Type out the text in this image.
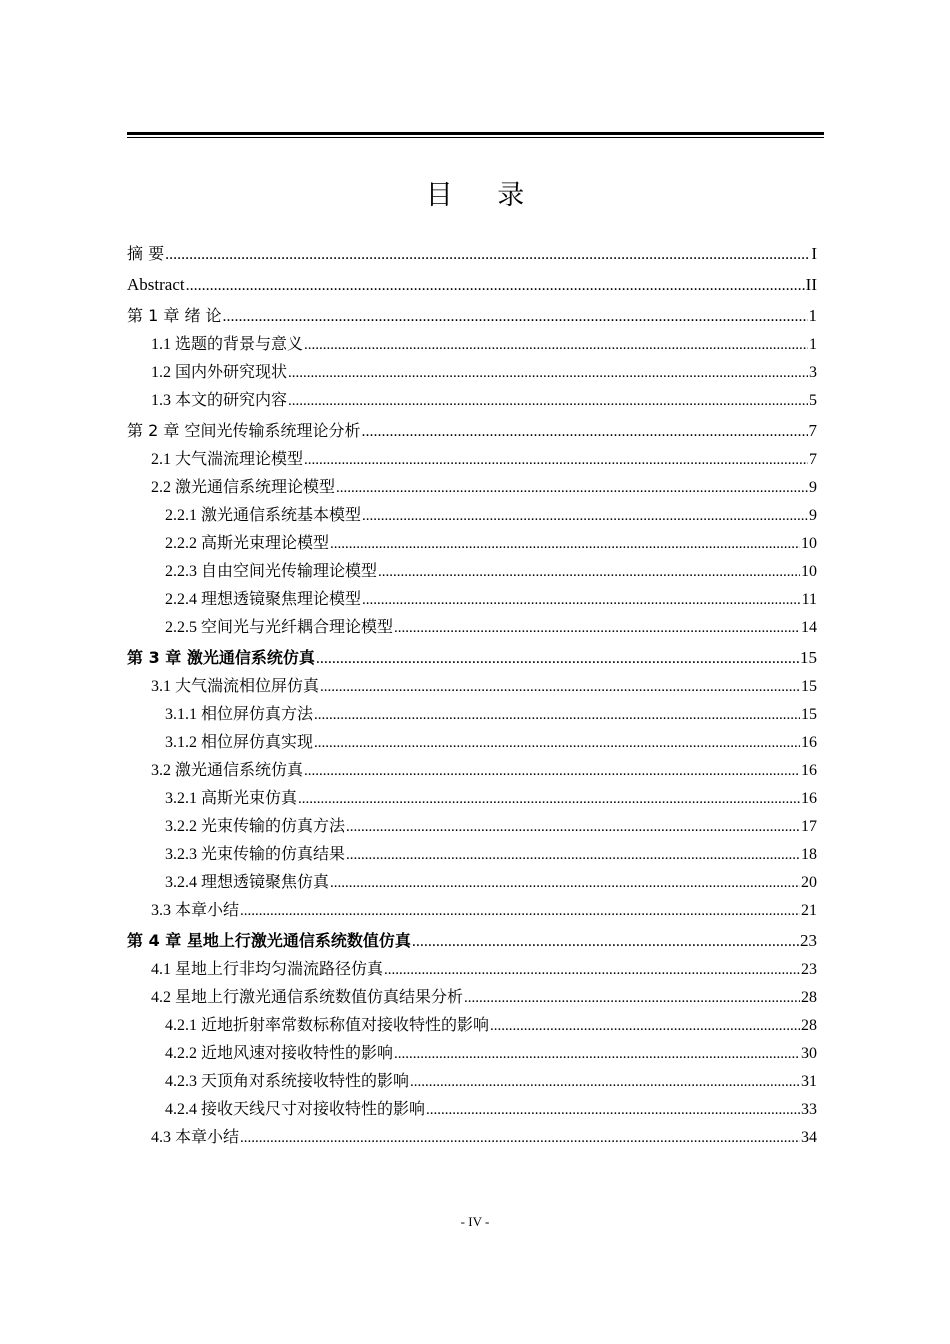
目 录
摘 要 .....	I
Abstract .....	II
第 1 章 绪 论 .....	1
1.1 选题的背景与意义 .....	1
1.2 国内外研究现状 .....	3
1.3 本文的研究内容 .....	5
第 2 章 空间光传输系统理论分析 .....	7
2.1 大气湍流理论模型 .....	7
2.2 激光通信系统理论模型 .....	9
2.2.1 激光通信系统基本模型 .....	9
2.2.2 高斯光束理论模型 .....	10
2.2.3 自由空间光传输理论模型 .....	10
2.2.4 理想透镜聚焦理论模型 .....	11
2.2.5 空间光与光纤耦合理论模型 .....	14
第 3 章 激光通信系统仿真 .....	15
3.1 大气湍流相位屏仿真 .....	15
3.1.1 相位屏仿真方法 .....	15
3.1.2 相位屏仿真实现 .....	16
3.2 激光通信系统仿真 .....	16
3.2.1 高斯光束仿真 .....	16
3.2.2 光束传输的仿真方法 .....	17
3.2.3 光束传输的仿真结果 .....	18
3.2.4 理想透镜聚焦仿真 .....	20
3.3 本章小结 .....	21
第 4 章 星地上行激光通信系统数值仿真 .....	23
4.1 星地上行非均匀湍流路径仿真 .....	23
4.2 星地上行激光通信系统数值仿真结果分析 .....	28
4.2.1 近地折射率常数标称值对接收特性的影响 .....	28
4.2.2 近地风速对接收特性的影响 .....	30
4.2.3 天顶角对系统接收特性的影响 .....	31
4.2.4 接收天线尺寸对接收特性的影响 .....	33
4.3 本章小结 .....	34
- IV -
